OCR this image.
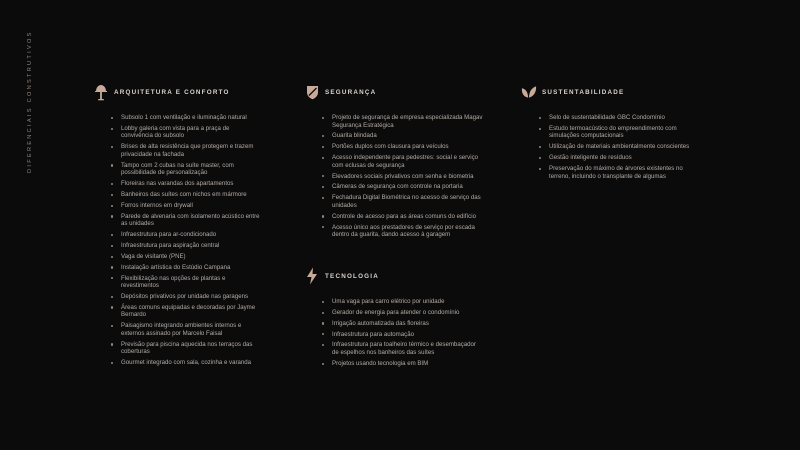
DIFERENCIAIS CONSTRUTIVOS	ARQUITETURA E CONFORTO
Subsolo 1 com ventilação e iluminação natural
Lobby galeria com vista para a praça de convivência do subsolo
Brises de alta resistência que protegem e trazem privacidade na fachada
Tampo com 2 cubas na suíte master, com possibilidade de personalização
Floreiras nas varandas dos apartamentos
Banheiros das suítes com nichos em mármore
Forros internos em drywall
Parede de alvenaria com isolamento acústico entre as unidades
Infraestrutura para ar-condicionado
Infraestrutura para aspiração central
Vaga de visitante (PNE)
Instalação artística do Estúdio Campana
Flexibilização nas opções de plantas e revestimentos
Depósitos privativos por unidade nas garagens
Áreas comuns equipadas e decoradas por Jayme Bernardo
Paisagismo integrando ambientes internos e externos assinado por Marcelo Faisal
Previsão para piscina aquecida nos terraços das coberturas
Gourmet integrado com sala, cozinha e varanda
SEGURANÇA
Projeto de segurança de empresa especializada Magav Segurança Estratégica
Guarita blindada
Portões duplos com clausura para veículos
Acesso independente para pedestres: social e serviço com eclusas de segurança
Elevadores sociais privativos com senha e biometria
Câmeras de segurança com controle na portaria
Fechadura Digital Biométrica no acesso de serviço das unidades
Controle de acesso para as áreas comuns do edifício
Acesso único aos prestadores de serviço por escada dentro da guarita, dando acesso à garagem
SUSTENTABILIDADE
Selo de sustentabilidade GBC Condomínio
Estudo termoacústico do empreendimento com simulações computacionais
Utilização de materiais ambientalmente conscientes
Gestão inteligente de resíduos
Preservação do máximo de árvores existentes no terreno, incluindo o transplante de algumas
TECNOLOGIA
Uma vaga para carro elétrico por unidade
Gerador de energia para atender o condomínio
Irrigação automatizada das floreiras
Infraestrutura para automação
Infraestrutura para toalheiro térmico e desembaçador de espelhos nos banheiros das suítes
Projetos usando tecnologia em BIM
